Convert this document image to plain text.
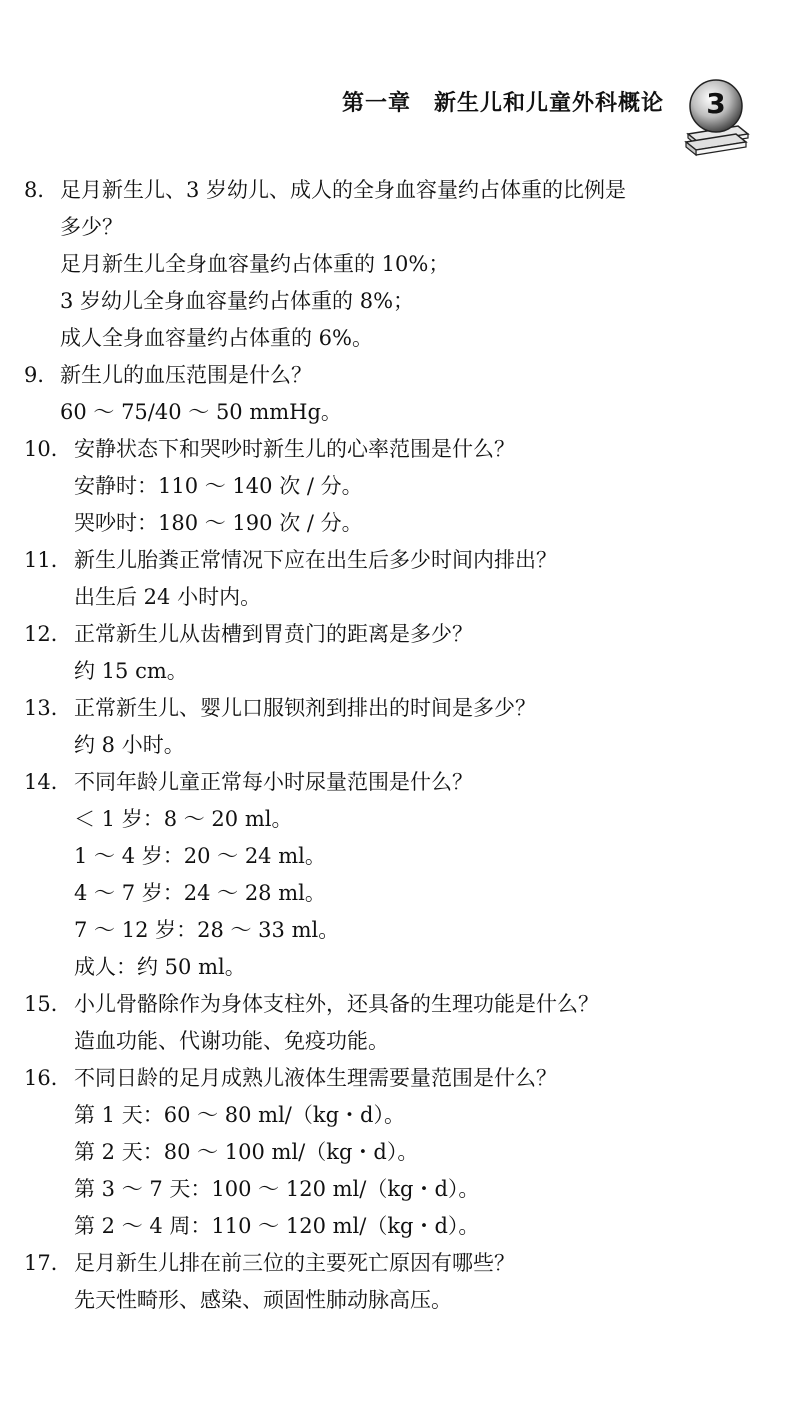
第一章　新生儿和儿童外科概论	3
8． 足月新生儿、3 岁幼儿、成人的全身血容量约占体重的比例是
多少？
足月新生儿全身血容量约占体重的 10%；
3 岁幼儿全身血容量约占体重的 8%；
成人全身血容量约占体重的 6%。
9． 新生儿的血压范围是什么？
60 ～ 75/40 ～ 50 mmHg。
10． 安静状态下和哭吵时新生儿的心率范围是什么？
安静时：110 ～ 140 次 / 分。
哭吵时：180 ～ 190 次 / 分。
11． 新生儿胎粪正常情况下应在出生后多少时间内排出？
出生后 24 小时内。
12． 正常新生儿从齿槽到胃贲门的距离是多少？
约 15 cm。
13． 正常新生儿、婴儿口服钡剂到排出的时间是多少？
约 8 小时。
14． 不同年龄儿童正常每小时尿量范围是什么？
＜ 1 岁：8 ～ 20 ml。
1 ～ 4 岁：20 ～ 24 ml。
4 ～ 7 岁：24 ～ 28 ml。
7 ～ 12 岁：28 ～ 33 ml。
成人：约 50 ml。
15． 小儿骨骼除作为身体支柱外，还具备的生理功能是什么？
造血功能、代谢功能、免疫功能。
16． 不同日龄的足月成熟儿液体生理需要量范围是什么？
第 1 天：60 ～ 80 ml/（kg・d）。
第 2 天：80 ～ 100 ml/（kg・d）。
第 3 ～ 7 天：100 ～ 120 ml/（kg・d）。
第 2 ～ 4 周：110 ～ 120 ml/（kg・d）。
17． 足月新生儿排在前三位的主要死亡原因有哪些？
先天性畸形、感染、顽固性肺动脉高压。
